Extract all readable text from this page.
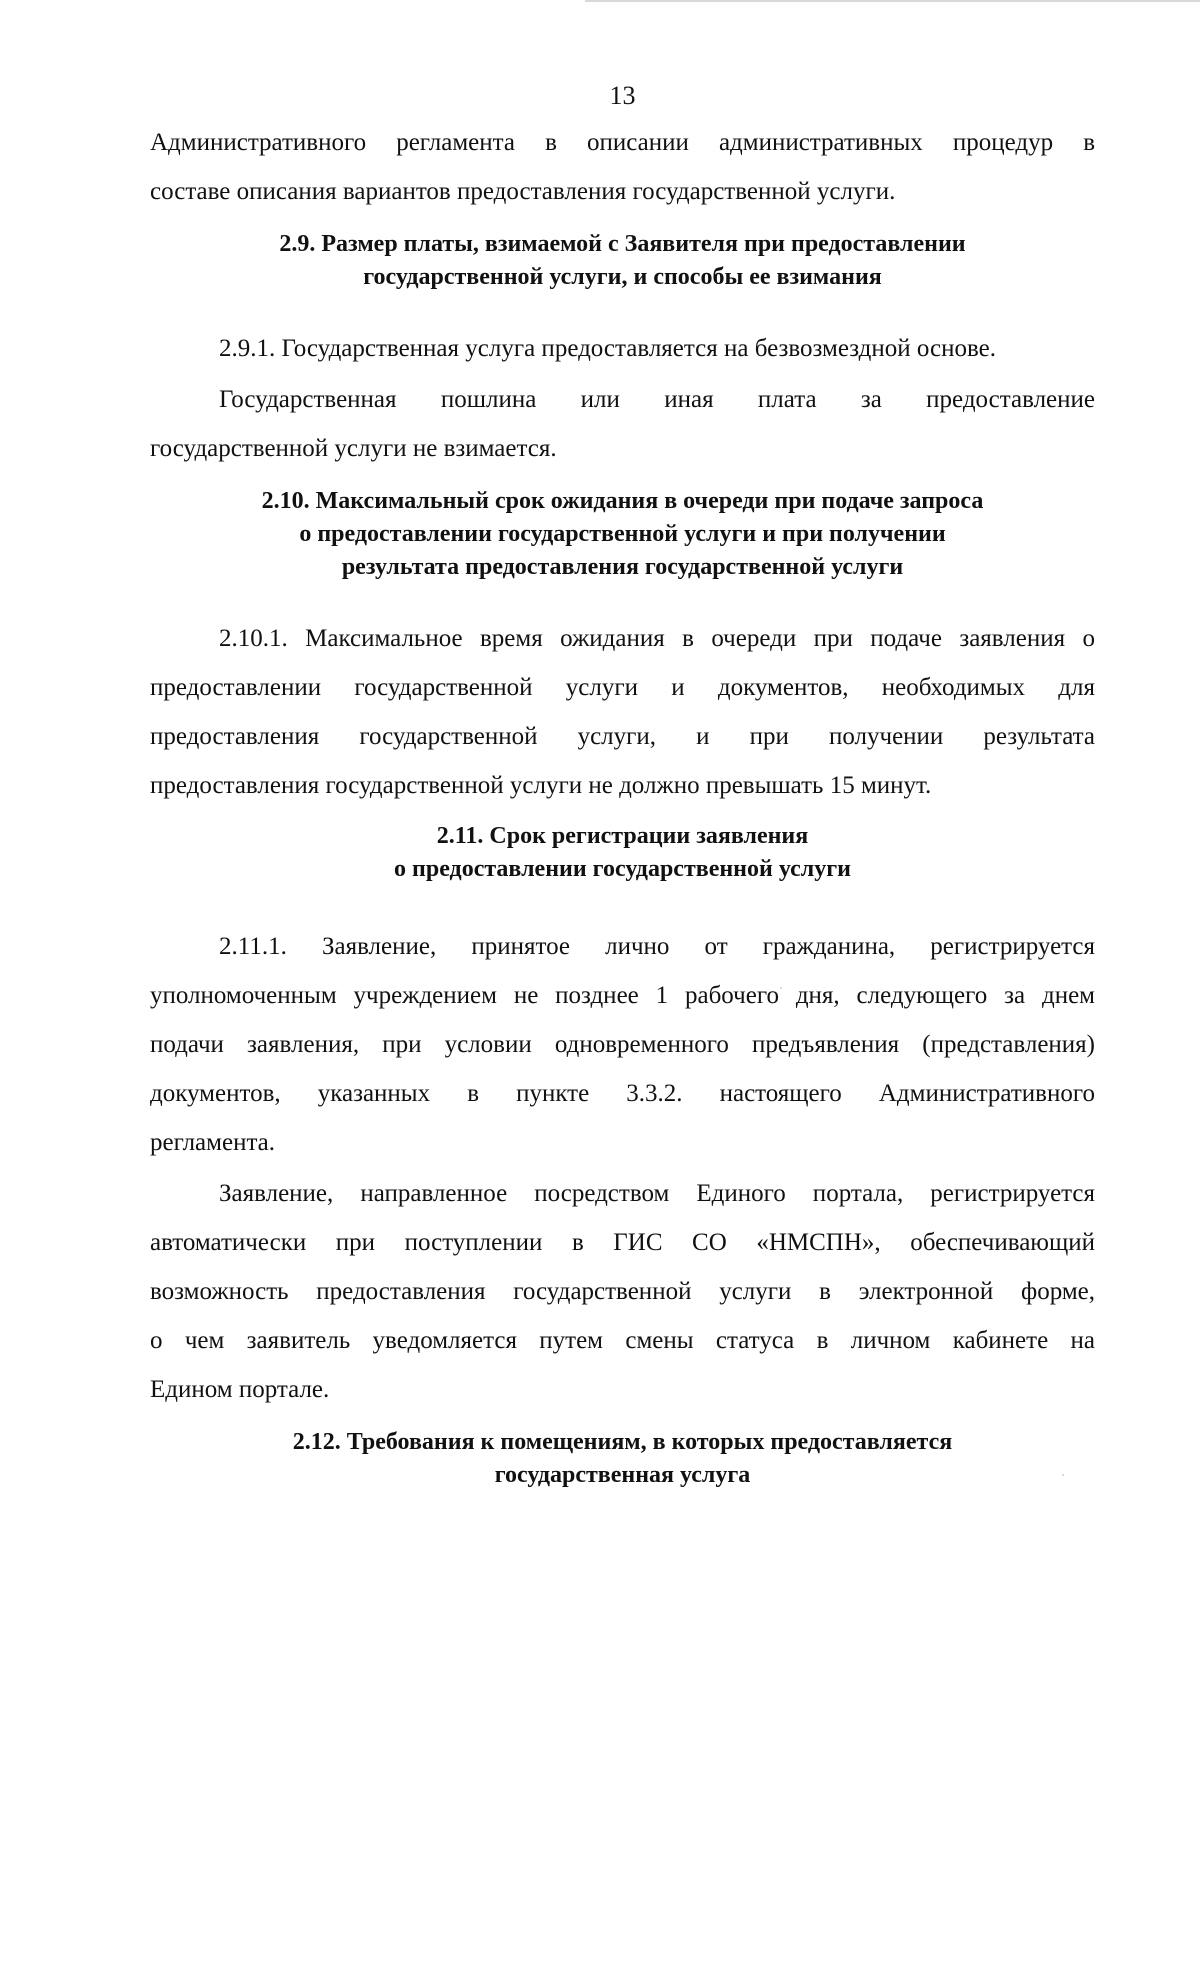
13

Административного регламента в описании административных процедур в
составе описания вариантов предоставления государственной услуги.

2.9. Размер платы, взимаемой с Заявителя при предоставлении
государственной услуги, и способы ее взимания

2.9.1. Государственная услуга предоставляется на безвозмездной основе.

Государственная пошлина или иная плата за предоставление
государственной услуги не взимается.

2.10. Максимальный срок ожидания в очереди при подаче запроса
о предоставлении государственной услуги и при получении
результата предоставления государственной услуги

2.10.1. Максимальное время ожидания в очереди при подаче заявления о
предоставлении государственной услуги и документов, необходимых для
предоставления государственной услуги, и при получении результата
предоставления государственной услуги не должно превышать 15 минут.

2.11. Срок регистрации заявления
о предоставлении государственной услуги

2.11.1. Заявление, принятое лично от гражданина, регистрируется
уполномоченным учреждением не позднее 1 рабочего дня, следующего за днем
подачи заявления, при условии одновременного предъявления (представления)
документов, указанных в пункте 3.3.2. настоящего Административного
регламента.

Заявление, направленное посредством Единого портала, регистрируется
автоматически при поступлении в ГИС СО «НМСПН», обеспечивающий
возможность предоставления государственной услуги в электронной форме,
о чем заявитель уведомляется путем смены статуса в личном кабинете на
Едином портале.

2.12. Требования к помещениям, в которых предоставляется
государственная услуга
